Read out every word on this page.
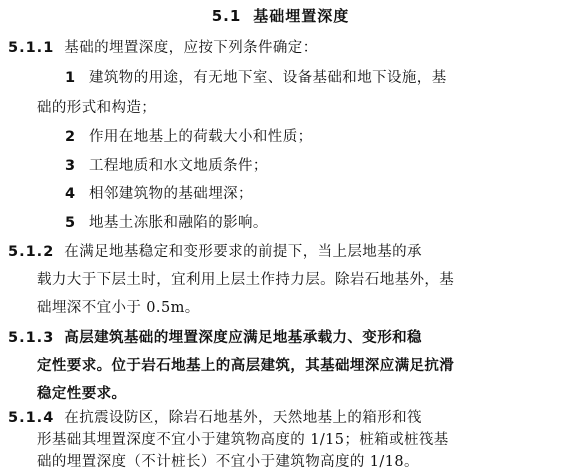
5.1 基础埋置深度
5.1.1 基础的埋置深度，应按下列条件确定：
1 建筑物的用途，有无地下室、设备基础和地下设施，基
础的形式和构造；
2 作用在地基上的荷载大小和性质；
3 工程地质和水文地质条件；
4 相邻建筑物的基础埋深；
5 地基土冻胀和融陷的影响。
5.1.2 在满足地基稳定和变形要求的前提下，当上层地基的承
载力大于下层土时，宜利用上层土作持力层。除岩石地基外，基
础埋深不宜小于 0.5m。
5.1.3 高层建筑基础的埋置深度应满足地基承载力、变形和稳
定性要求。位于岩石地基上的高层建筑，其基础埋深应满足抗滑
稳定性要求。
5.1.4 在抗震设防区，除岩石地基外，天然地基上的箱形和筏
形基础其埋置深度不宜小于建筑物高度的 1/15；桩箱或桩筏基
础的埋置深度（不计桩长）不宜小于建筑物高度的 1/18。
